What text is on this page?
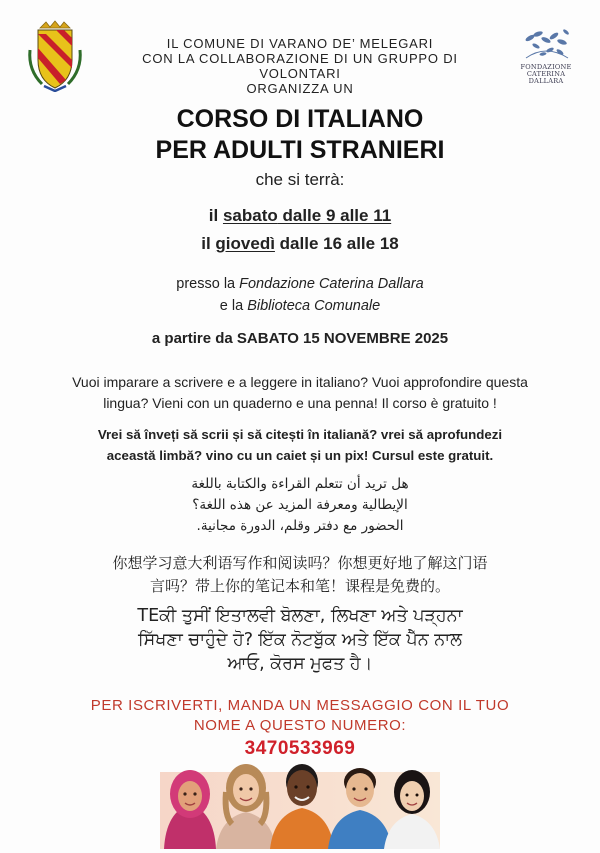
IL COMUNE DI VARANO DE’ MELEGARI
CON LA COLLABORAZIONE DI UN GRUPPO DI VOLONTARI
ORGANIZZA UN
FONDAZIONE
CATERINA
DALLARA
CORSO DI ITALIANO
PER ADULTI STRANIERI
che si terrà:
il sabato dalle 9 alle 11
il giovedì dalle 16 alle 18
presso la Fondazione Caterina Dallara
e la Biblioteca Comunale
a partire da SABATO 15 NOVEMBRE 2025
Vuoi imparare a scrivere e a leggere in italiano? Vuoi approfondire questa
lingua? Vieni con un quaderno e una penna! Il corso è gratuito !
Vrei să înveți să scrii și să citești în italiană? vrei să aprofundezi
această limbă? vino cu un caiet și un pix! Cursul este gratuit.
هل تريد أن تتعلم القراءة والكتابة باللغة
الإيطالية ومعرفة المزيد عن هذه اللغة؟
الحضور مع دفتر وقلم، الدورة مجانية.
你想学习意大利语写作和阅读吗？你想更好地了解这门语
言吗？带上你的笔记本和笔！课程是免费的。
TEਕੀ ਤੁਸੀਂ ਇਤਾਲਵੀ ਬੋਲਣਾ, ਲਿਖਣਾ ਅਤੇ ਪੜ੍ਹਨਾ
ਸਿੱਖਣਾ ਚਾਹੁੰਦੇ ਹੋ? ਇੱਕ ਨੋਟਬੁੱਕ ਅਤੇ ਇੱਕ ਪੈੱਨ ਨਾਲ
ਆਓ, ਕੋਰਸ ਮੁਫਤ ਹੈ।
PER ISCRIVERTI, MANDA UN MESSAGGIO CON IL TUO
NOME A QUESTO NUMERO:
3470533969
